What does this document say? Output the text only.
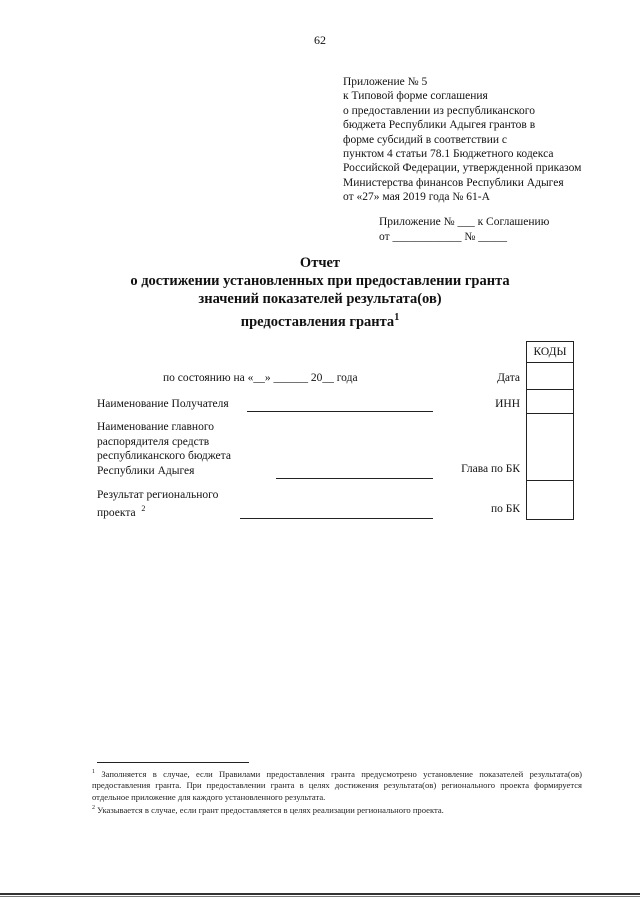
62
Приложение № 5
к Типовой форме соглашения
о предоставлении из республиканского
бюджета Республики Адыгея грантов в
форме субсидий в соответствии с
пунктом 4 статьи 78.1 Бюджетного кодекса
Российской Федерации, утвержденной приказом
Министерства финансов Республики Адыгея
от «27» мая 2019 года № 61-А
Приложение № ___ к Соглашению
от ____________ № _____
Отчет
о достижении установленных при предоставлении гранта
значений показателей результата(ов)
предоставления гранта$^1$
КОДЫ
по состоянию на «__» ______ 20__ года	Дата
Наименование Получателя	ИНН
Наименование главного
распорядителя средств
республиканского бюджета
Республики Адыгея	Глава по БК
Результат регионального
проекта $^2$	по БК
$^1$ Заполняется в случае, если Правилами предоставления гранта предусмотрено установление показателей результата(ов) предоставления гранта. При предоставлении гранта в целях достижения результата(ов) регионального проекта формируется отдельное приложение для каждого установленного результата.
$^2$ Указывается в случае, если грант предоставляется в целях реализации регионального проекта.
